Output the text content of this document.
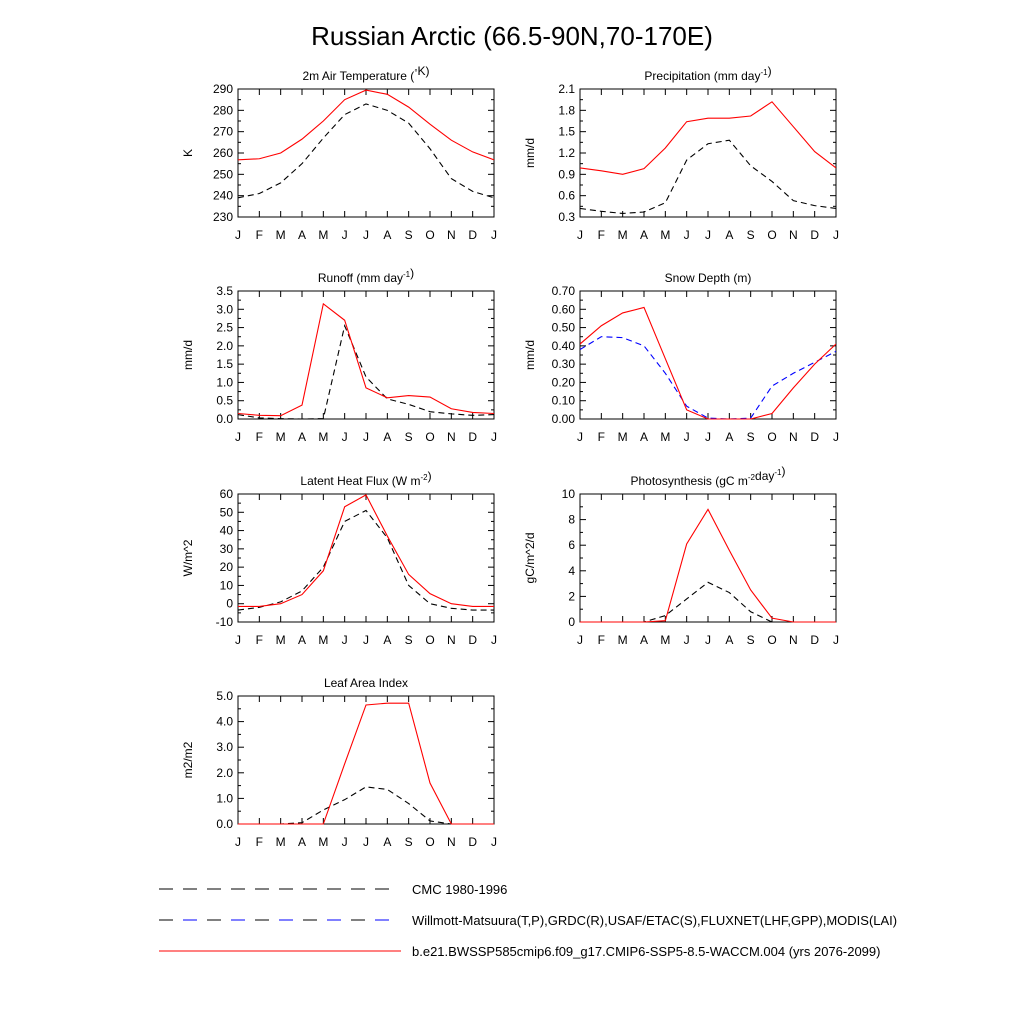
Russian Arctic (66.5-90N,70-170E)
2m Air Temperature (°K)
230
240
250
260
270
280
290
J F M A M J J A S O N D J
K
Precipitation (mm day$^{-1}$)
0.3
0.6
0.9
1.2
1.5
1.8
2.1
J F M A M J J A S O N D J
mm/d
Runoff (mm day$^{-1}$)
0.0
0.5
1.0
1.5
2.0
2.5
3.0
3.5
J F M A M J J A S O N D J
mm/d
Snow Depth (m)
0.00
0.10
0.20
0.30
0.40
0.50
0.60
0.70
J F M A M J J A S O N D J
mm/d
Latent Heat Flux (W $m^{-2}$)
-10
0
10
20
30
40
50
60
J F M A M J J A S O N D J
W/m^2
Photosynthesis (gC $m^{-2}day^{-1}$)
0
2
4
6
8
10
J F M A M J J A S O N D J
gC/m^2/d
Leaf Area Index
0.0
1.0
2.0
3.0
4.0
5.0
J F M A M J J A S O N D J
m2/m2
CMC 1980-1996
Willmott-Matsuura(T,P),GRDC(R),USAF/ETAC(S),FLUXNET(LHF,GPP),MODIS(LAI)
b.e21.BWSSP585cmip6.f09_g17.CMIP6-SSP5-8.5-WACCM.004 (yrs 2076-2099)
